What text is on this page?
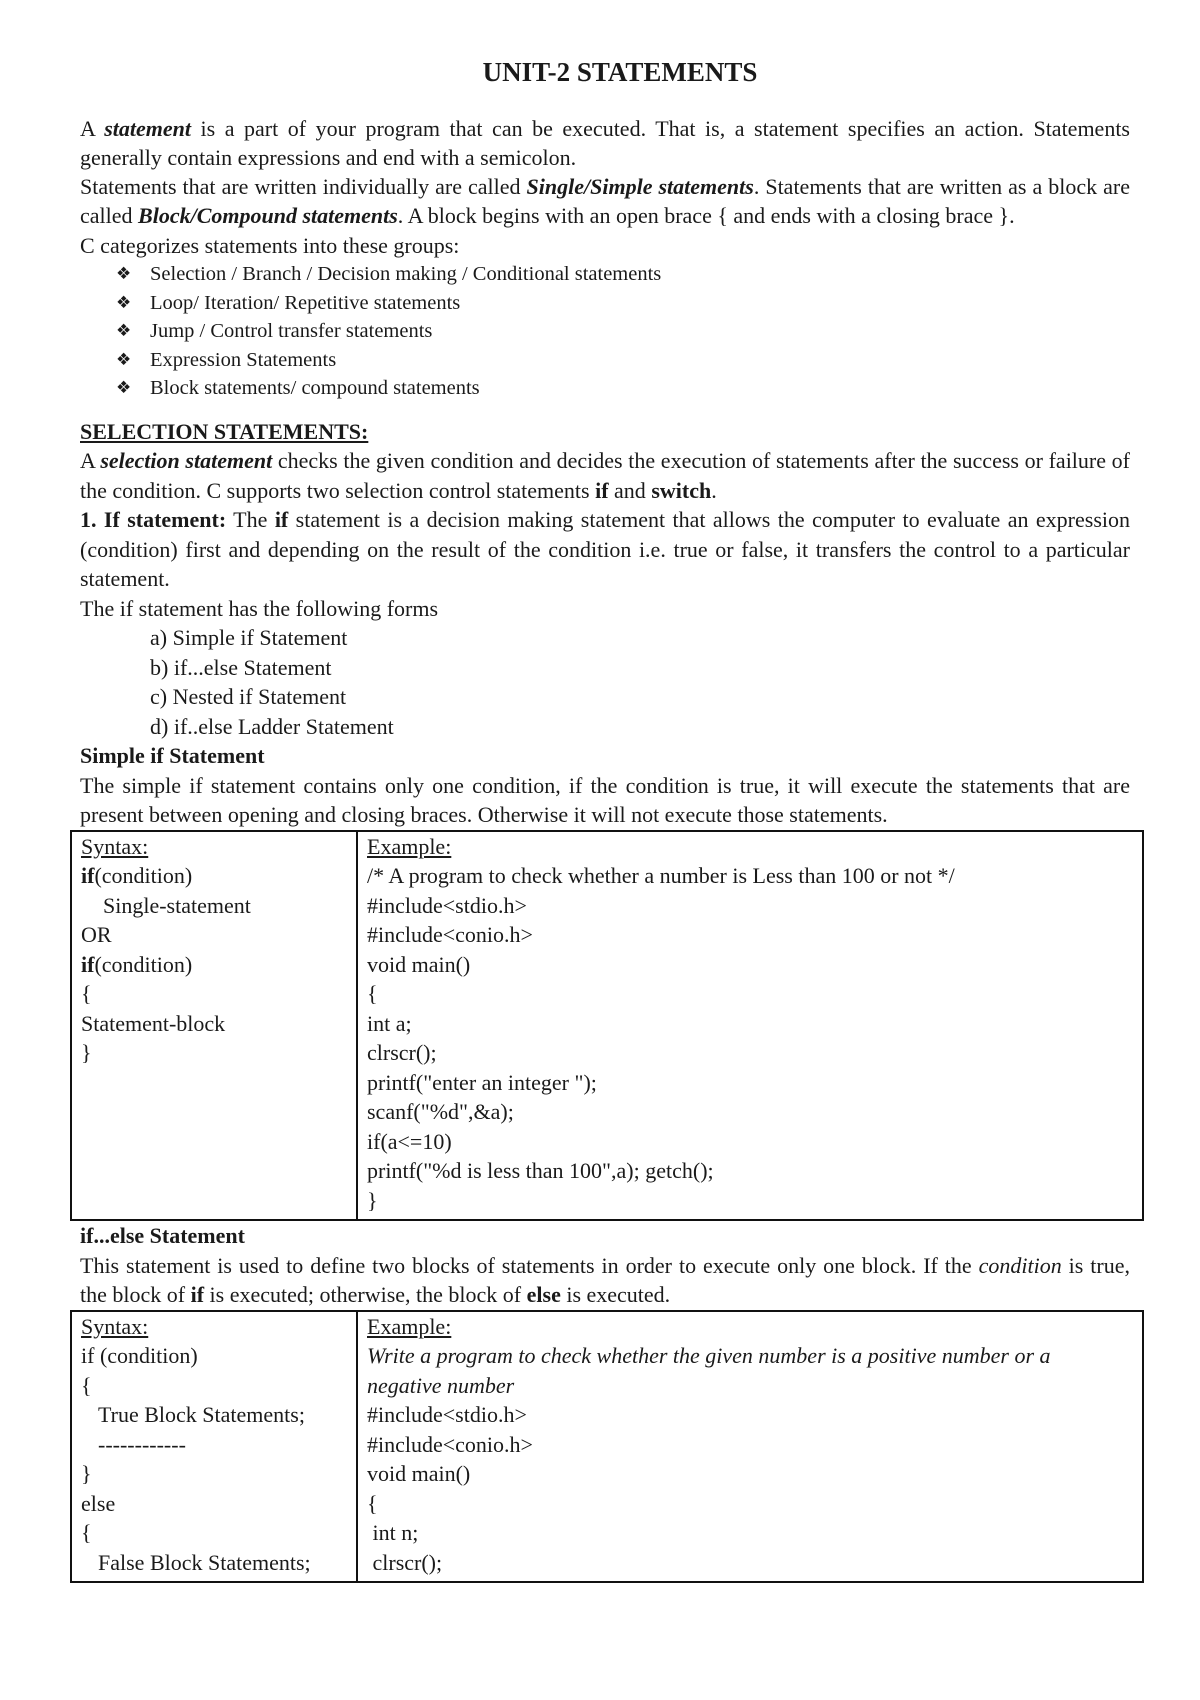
UNIT-2 STATEMENTS

A statement is a part of your program that can be executed. That is, a statement specifies an action. Statements generally contain expressions and end with a semicolon.

Statements that are written individually are called Single/Simple statements. Statements that are written as a block are called Block/Compound statements. A block begins with an open brace { and ends with a closing brace }.

C categorizes statements into these groups:

❖ Selection / Branch / Decision making / Conditional statements
❖ Loop/ Iteration/ Repetitive statements
❖ Jump / Control transfer statements
❖ Expression Statements
❖ Block statements/ compound statements
SELECTION STATEMENTS:

A selection statement checks the given condition and decides the execution of statements after the success or failure of the condition. C supports two selection control statements if and switch.

1. If statement: The if statement is a decision making statement that allows the computer to evaluate an expression (condition) first and depending on the result of the condition i.e. true or false, it transfers the control to a particular statement.

The if statement has the following forms

a) Simple if Statement
b) if...else Statement
c) Nested if Statement
d) if..else Ladder Statement
Simple if Statement

The simple if statement contains only one condition, if the condition is true, it will execute the statements that are present between opening and closing braces. Otherwise it will not execute those statements.

Syntax:
if(condition)
Single-statement
OR
if(condition)
{
Statement-block
}

Example:
/* A program to check whether a number is Less than 100 or not */
#include<stdio.h>
#include<conio.h>
void main()
{
int a;
clrscr();
printf("enter an integer ");
scanf("%d",&a);
if(a<=10)
printf("%d is less than 100",a); getch();
}
if...else Statement

This statement is used to define two blocks of statements in order to execute only one block. If the condition is true, the block of if is executed; otherwise, the block of else is executed.

Syntax:
if (condition)
{
True Block Statements;
------------
}
else
{
False Block Statements;

Example:
Write a program to check whether the given number is a positive number or a negative number
#include<stdio.h>
#include<conio.h>
void main()
{
int n;
clrscr();
